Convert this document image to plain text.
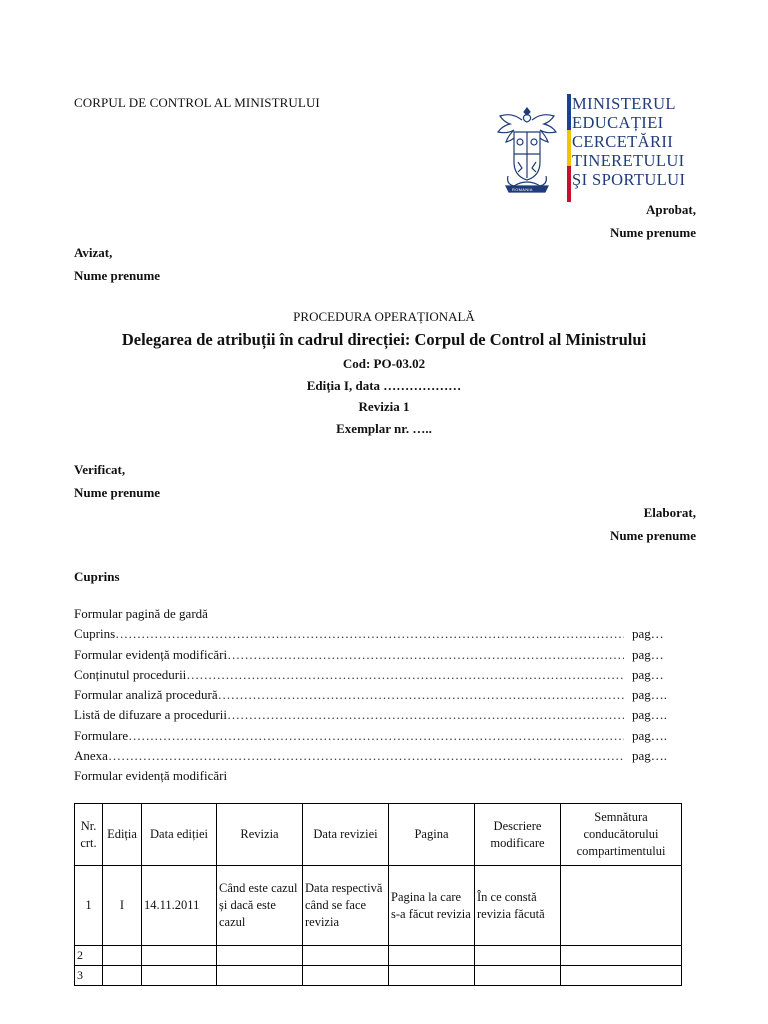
CORPUL DE CONTROL AL MINISTRULUI
ROMANIA
MINISTERUL
EDUCAȚIEI
CERCETĂRII
TINERETULUI
ŞI SPORTULUI
Aprobat,
Nume prenume
Avizat,
Nume prenume
PROCEDURA OPERAȚIONALĂ
Delegarea de atribuții în cadrul direcției: Corpul de Control al Ministrului
Cod: PO-03.02
Ediția I, data ………………
Revizia 1
Exemplar nr. …..
Verificat,
Nume prenume
Elaborat,
Nume prenume
Cuprins
Formular pagină de gardă
Cuprins …………………………………………………………………………………………………………………………………………………………………	pag…
Formular evidență modificări …………………………………………………………………………………………………………………………………………………………………	pag…
Conținutul procedurii …………………………………………………………………………………………………………………………………………………………………	pag…
Formular analiză procedură …………………………………………………………………………………………………………………………………………………………………	pag….
Listă de difuzare a procedurii …………………………………………………………………………………………………………………………………………………………………	pag….
Formulare …………………………………………………………………………………………………………………………………………………………………	pag….
Anexa …………………………………………………………………………………………………………………………………………………………………	pag….
Formular evidență modificări
Nr. crt.	Ediția	Data ediției	Revizia	Data reviziei	Pagina	Descriere modificare	Semnătura conducătorului compartimentului
1	I	14.11.2011	Când este cazul și dacă este cazul	Data respectivă când se face revizia	Pagina la care s-a făcut revizia	În ce constă revizia făcută	
2							
3							
